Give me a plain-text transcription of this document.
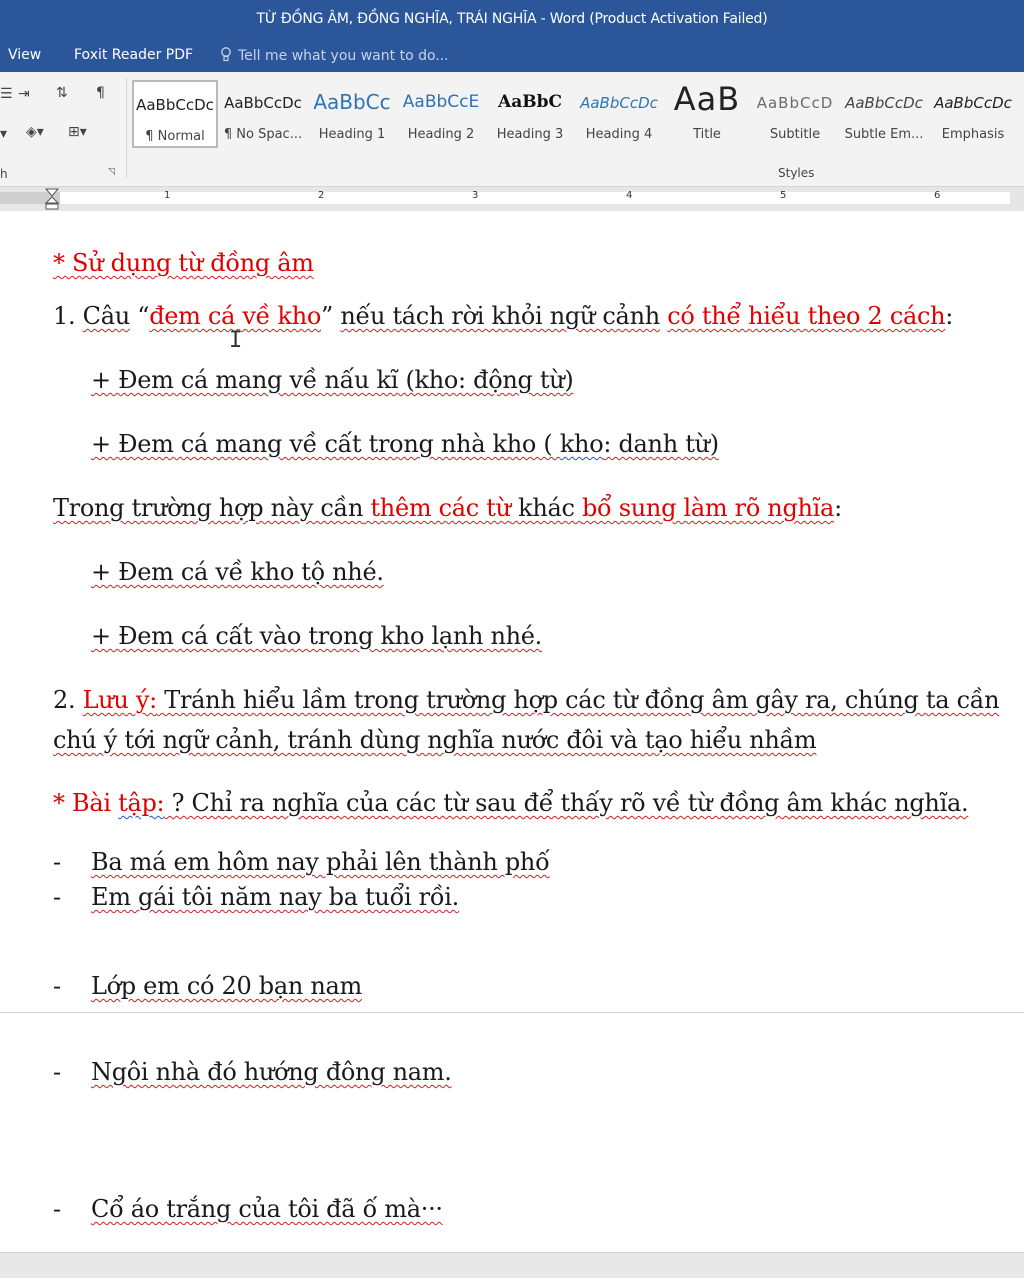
TỪ ĐỒNG ÂM, ĐỒNG NGHĨA, TRÁI NGHĨA - Word (Product Activation Failed)
View Foxit Reader PDF	Tell me what you want to do...
☰ ⇥ ⇅ ¶
▾ ◈▾ ⊞▾
h	◹
AaBbCcDc
¶ Normal
AaBbCcDc
¶ No Spac...
AaBbCc
Heading 1
AaBbCcE
Heading 2
AaBbC
Heading 3
AaBbCcDc
Heading 4
AaB
Title
AaBbCcD
Subtitle
AaBbCcDc
Subtle Em...
AaBbCcDc
Emphasis
Styles
1	2	3	4	5	6
* Sử dụng từ đồng âm
1. Câu “đem cá về kho” nếu tách rời khỏi ngữ cảnh có thể hiểu theo 2 cách:
+ Đem cá mang về nấu kĩ (kho: động từ)
+ Đem cá mang về cất trong nhà kho ( kho: danh từ)
Trong trường hợp này cần thêm các từ khác bổ sung làm rõ nghĩa:
+ Đem cá về kho tộ nhé.
+ Đem cá cất vào trong kho lạnh nhé.
2. Lưu ý: Tránh hiểu lầm trong trường hợp các từ đồng âm gây ra, chúng ta cần
chú ý tới ngữ cảnh, tránh dùng nghĩa nước đôi và tạo hiểu nhầm
* Bài tập: ? Chỉ ra nghĩa của các từ sau để thấy rõ về từ đồng âm khác nghĩa.
- Ba má em hôm nay phải lên thành phố
- Em gái tôi năm nay ba tuổi rồi.
- Lớp em có 20 bạn nam
- Ngôi nhà đó hướng đông nam.
- Cổ áo trắng của tôi đã ố mà···
I
